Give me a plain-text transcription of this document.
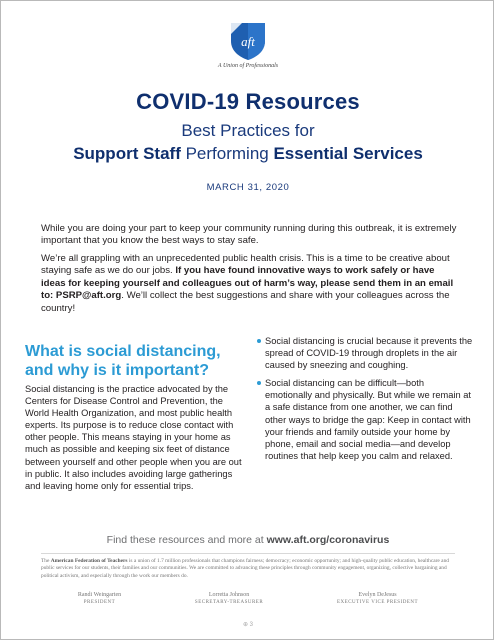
aft
A Union of Professionals
COVID-19 Resources
Best Practices for
Support Staff Performing Essential Services
MARCH 31, 2020

While you are doing your part to keep your community running during this outbreak, it is extremely important that you know the best ways to stay safe.

We’re all grappling with an unprecedented public health crisis. This is a time to be creative about staying safe as we do our jobs. If you have found innovative ways to work safely or have ideas for keeping yourself and colleagues out of harm’s way, please send them in an email to: PSRP@aft.org. We’ll collect the best suggestions and share with your colleagues across the country!

What is social distancing, and why is it important?

Social distancing is the practice advocated by the Centers for Disease Control and Prevention, the World Health Organization, and most public health experts. Its purpose is to reduce close contact with other people. This means staying in your home as much as possible and keeping six feet of distance between yourself and other people when you are out in public. It also includes avoiding large gatherings and leaving home only for essential trips.

Social distancing is crucial because it prevents the spread of COVID-19 through droplets in the air caused by sneezing and coughing.
Social distancing can be difficult—both emotionally and physically. But while we remain at a safe distance from one another, we can find other ways to bridge the gap: Keep in contact with your friends and family outside your home by phone, email and social media—and develop routines that help keep you calm and relaxed.
Find these resources and more at www.aft.org/coronavirus

The American Federation of Teachers is a union of 1.7 million professionals that champions fairness; democracy; economic opportunity; and high-quality public education, healthcare and public services for our students, their families and our communities. We are committed to advancing these principles through community engagement, organizing, collective bargaining and political activism, and especially through the work our members do.

Randi Weingarten
PRESIDENT
Lorretta Johnson
SECRETARY-TREASURER
Evelyn DeJesus
EXECUTIVE VICE PRESIDENT
⊕ 3
